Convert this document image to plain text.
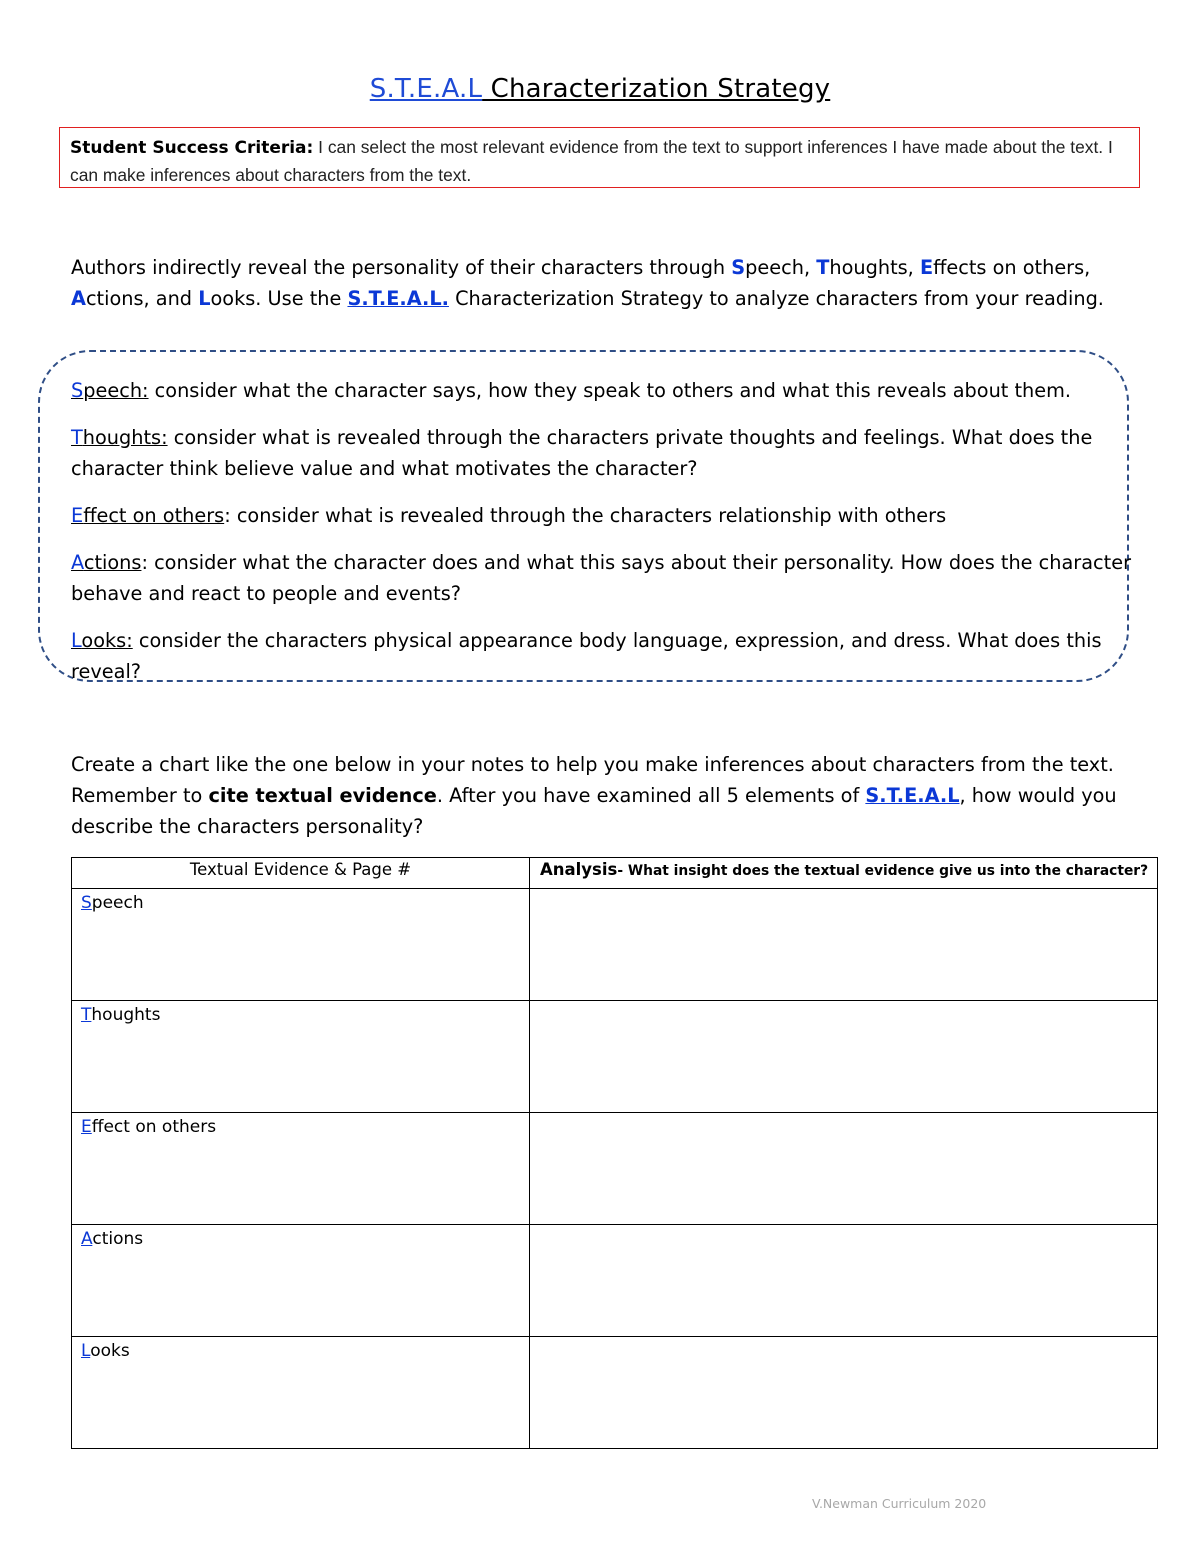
S.T.E.A.L Characterization Strategy
Student Success Criteria: I can select the most relevant evidence from the text to support inferences I have made about the text. I can make inferences about characters from the text.
Authors indirectly reveal the personality of their characters through Speech, Thoughts, Effects on others,
Actions, and Looks. Use the S.T.E.A.L. Characterization Strategy to analyze characters from your reading.

Speech: consider what the character says, how they speak to others and what this reveals about them.

Thoughts: consider what is revealed through the characters private thoughts and feelings. What does the character think believe value and what motivates the character?

Effect on others: consider what is revealed through the characters relationship with others

Actions: consider what the character does and what this says about their personality. How does the character behave and react to people and events?

Looks: consider the characters physical appearance body language, expression, and dress. What does this reveal?

Create a chart like the one below in your notes to help you make inferences about characters from the text. Remember to cite textual evidence. After you have examined all 5 elements of S.T.E.A.L, how would you describe the characters personality?
Textual Evidence & Page #	Analysis- What insight does the textual evidence give us into the character?
Speech	
Thoughts	
Effect on others	
Actions	
Looks	
V.Newman Curriculum 2020
